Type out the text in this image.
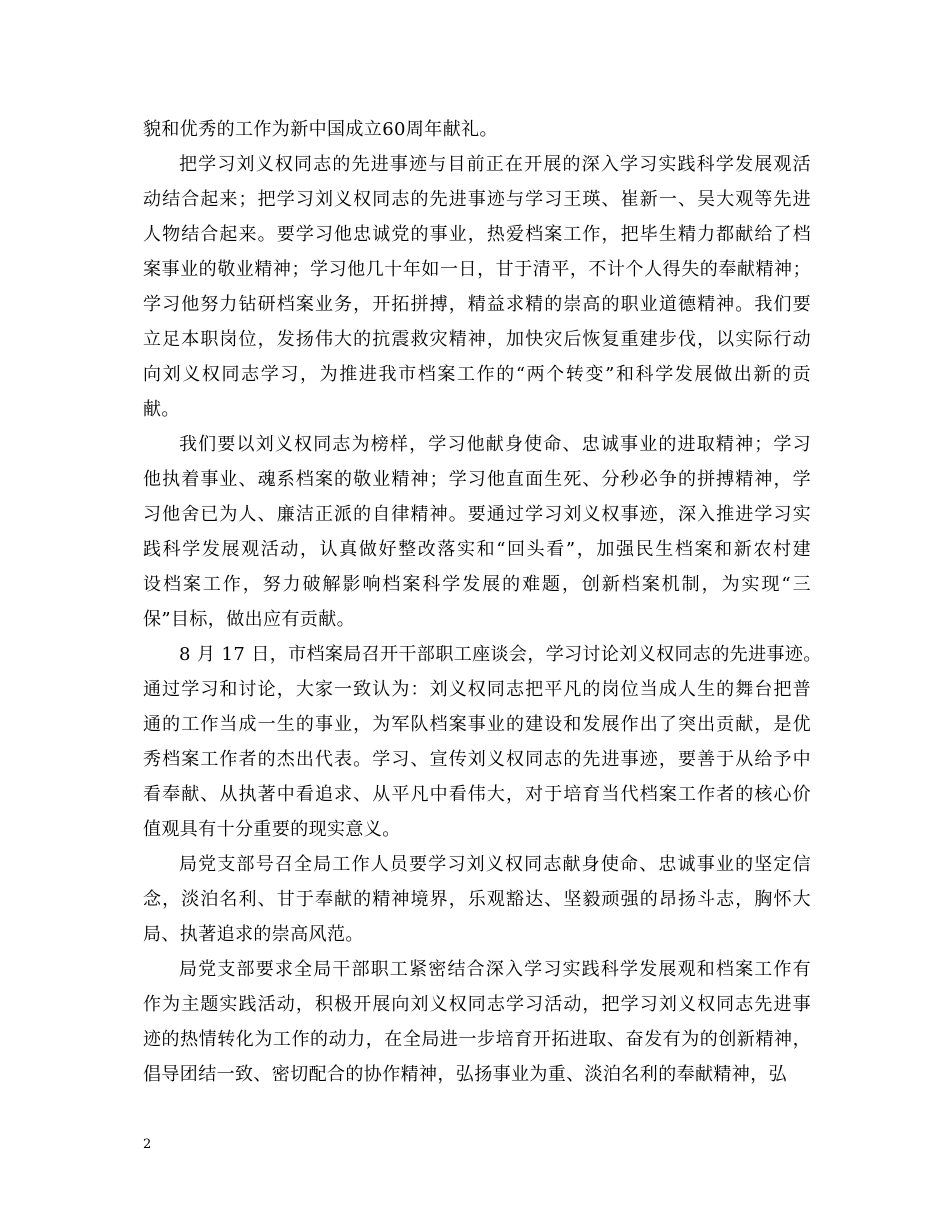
貌和优秀的工作为新中国成立60周年献礼。

把学习刘义权同志的先进事迹与目前正在开展的深入学习实践科学发展观活
动结合起来；把学习刘义权同志的先进事迹与学习王瑛、崔新一、吴大观等先进
人物结合起来。要学习他忠诚党的事业，热爱档案工作，把毕生精力都献给了档
案事业的敬业精神；学习他几十年如一日，甘于清平，不计个人得失的奉献精神；
学习他努力钻研档案业务，开拓拼搏，精益求精的崇高的职业道德精神。我们要
立足本职岗位，发扬伟大的抗震救灾精神，加快灾后恢复重建步伐，以实际行动
向刘义权同志学习，为推进我市档案工作的“两个转变”和科学发展做出新的贡
献。

我们要以刘义权同志为榜样，学习他献身使命、忠诚事业的进取精神；学习
他执着事业、魂系档案的敬业精神；学习他直面生死、分秒必争的拼搏精神，学
习他舍已为人、廉洁正派的自律精神。要通过学习刘义权事迹，深入推进学习实
践科学发展观活动，认真做好整改落实和“回头看”，加强民生档案和新农村建
设档案工作，努力破解影响档案科学发展的难题，创新档案机制，为实现“三
保”目标，做出应有贡献。

8 月 17 日，市档案局召开干部职工座谈会，学习讨论刘义权同志的先进事迹。
通过学习和讨论，大家一致认为：刘义权同志把平凡的岗位当成人生的舞台把普
通的工作当成一生的事业，为军队档案事业的建设和发展作出了突出贡献，是优
秀档案工作者的杰出代表。学习、宣传刘义权同志的先进事迹，要善于从给予中
看奉献、从执著中看追求、从平凡中看伟大，对于培育当代档案工作者的核心价
值观具有十分重要的现实意义。

局党支部号召全局工作人员要学习刘义权同志献身使命、忠诚事业的坚定信
念，淡泊名利、甘于奉献的精神境界，乐观豁达、坚毅顽强的昂扬斗志，胸怀大
局、执著追求的崇高风范。

局党支部要求全局干部职工紧密结合深入学习实践科学发展观和档案工作有
作为主题实践活动，积极开展向刘义权同志学习活动，把学习刘义权同志先进事
迹的热情转化为工作的动力，在全局进一步培育开拓进取、奋发有为的创新精神，
倡导团结一致、密切配合的协作精神，弘扬事业为重、淡泊名利的奉献精神，弘

2
